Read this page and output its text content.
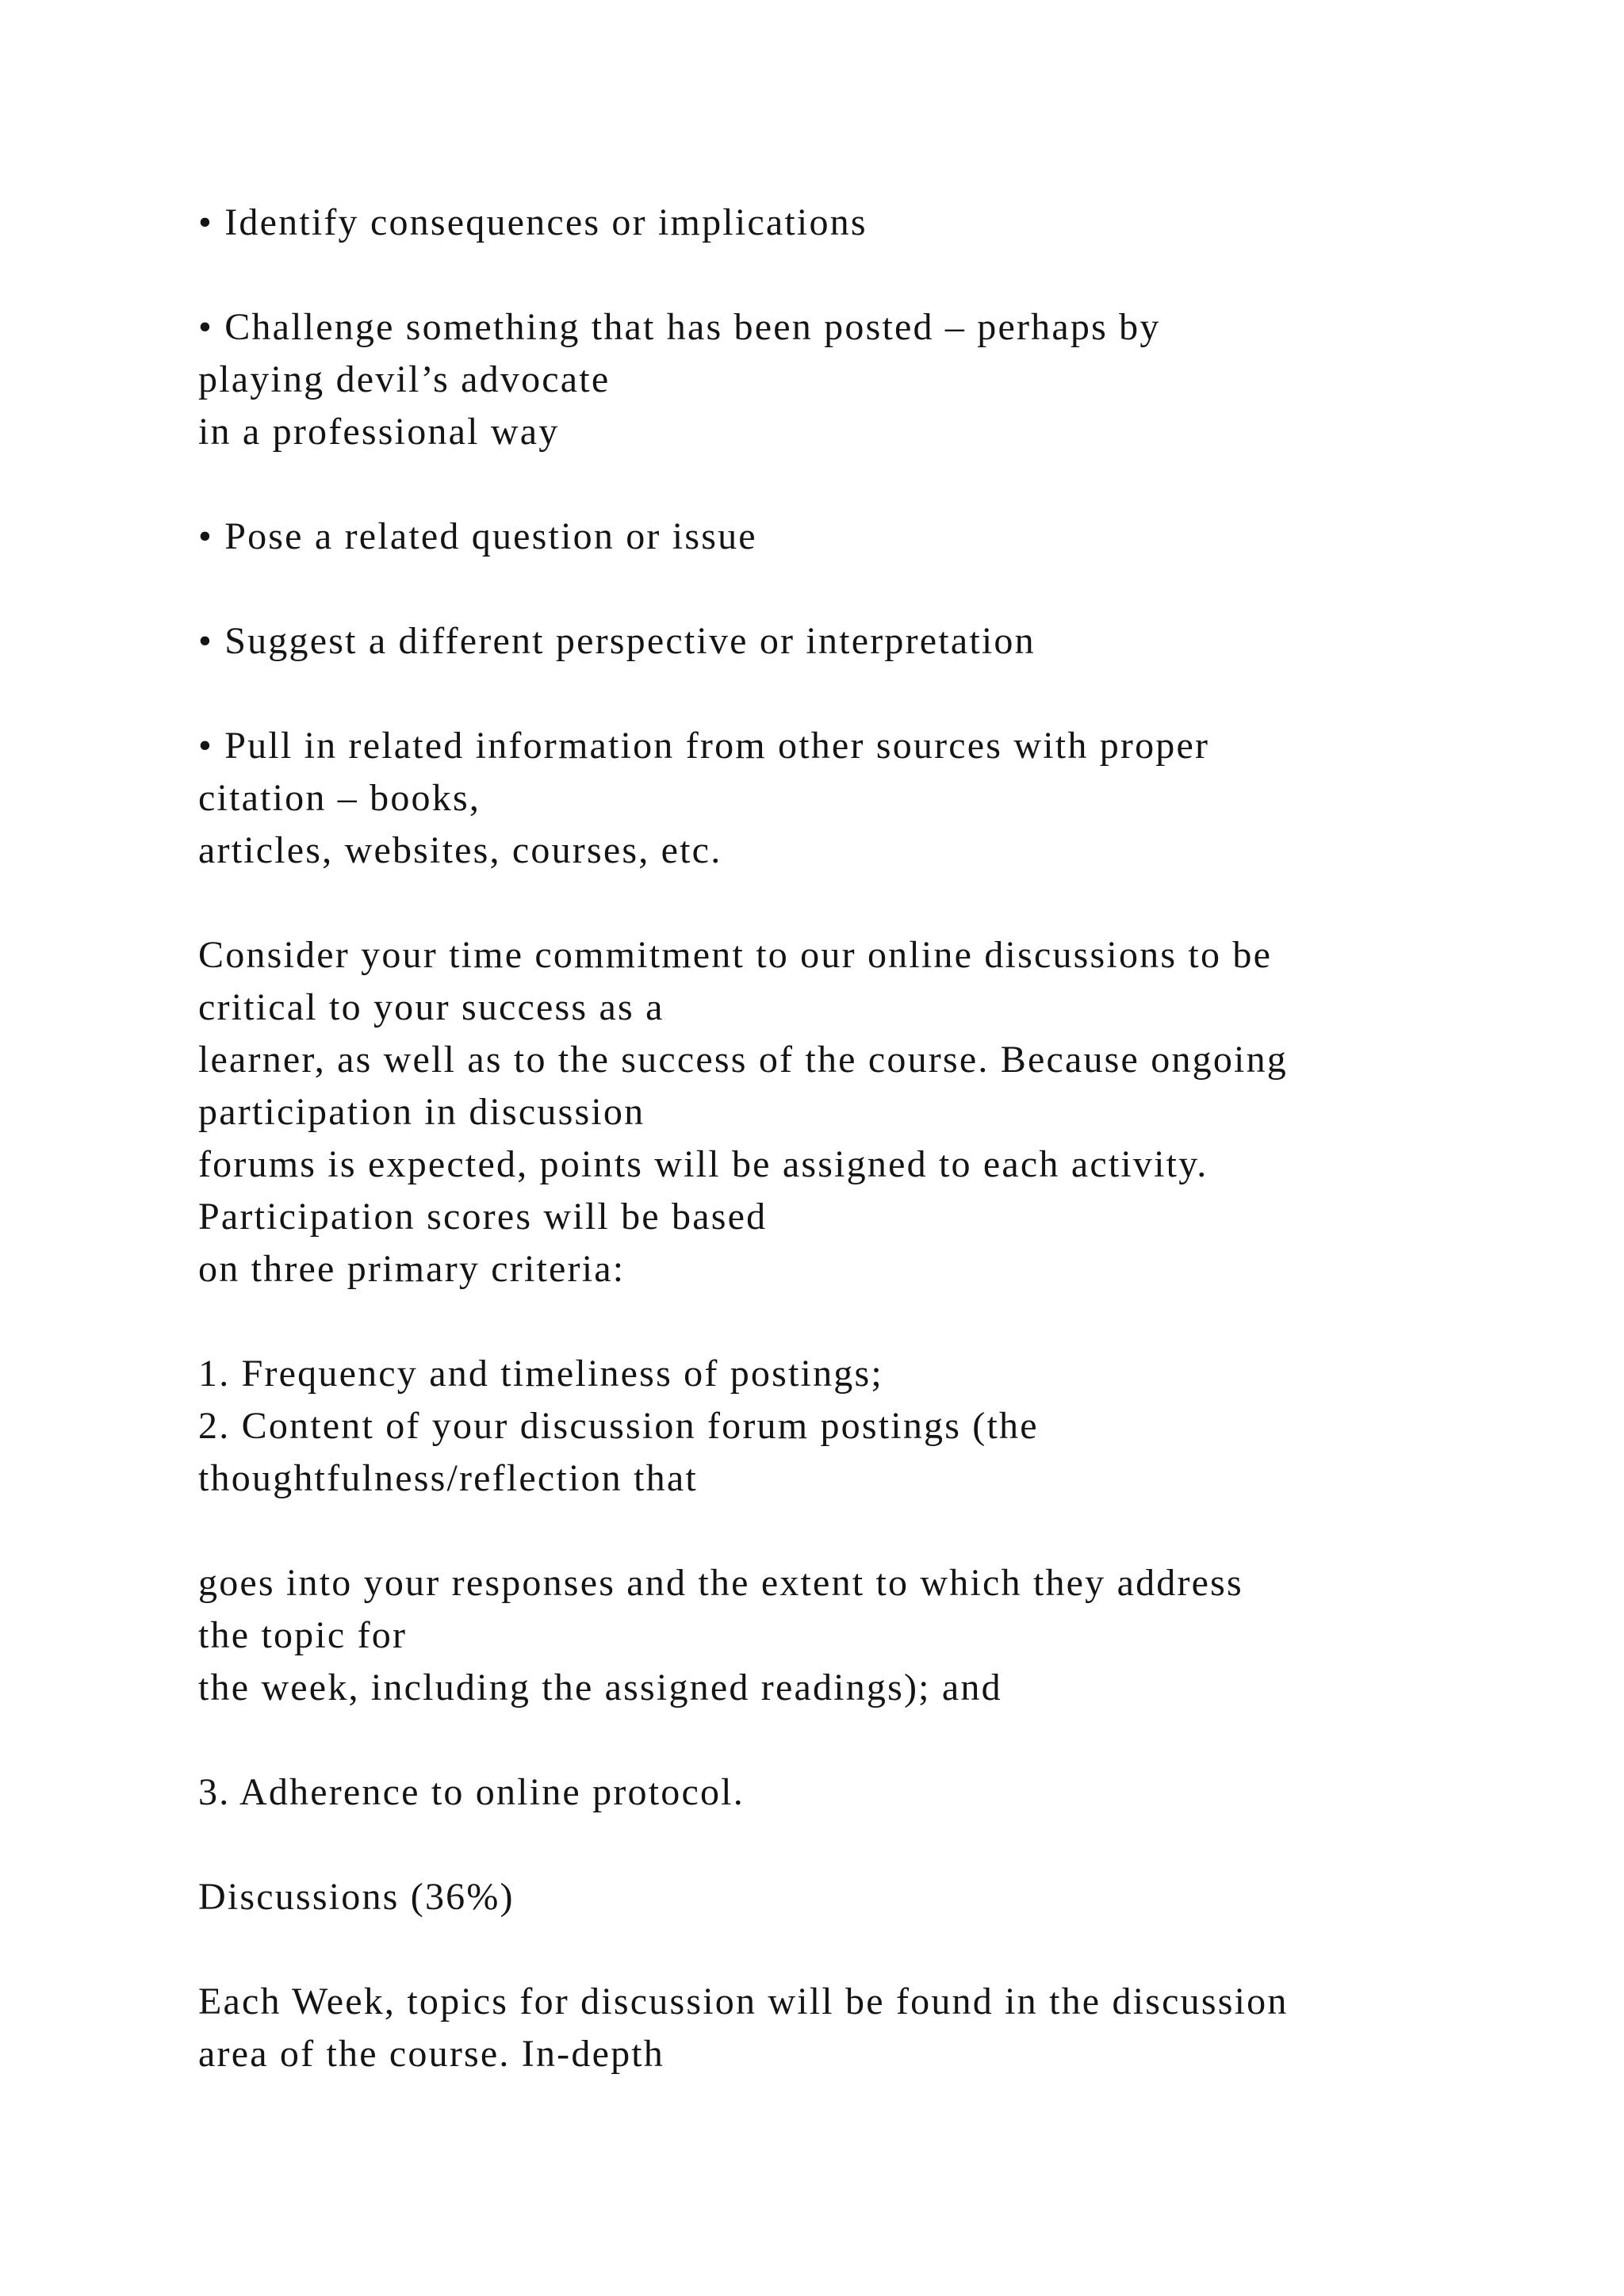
• Identify consequences or implications
• Challenge something that has been posted – perhaps by
playing devil’s advocate
in a professional way
• Pose a related question or issue
• Suggest a different perspective or interpretation
• Pull in related information from other sources with proper
citation – books,
articles, websites, courses, etc.
Consider your time commitment to our online discussions to be
critical to your success as a
learner, as well as to the success of the course. Because ongoing
participation in discussion
forums is expected, points will be assigned to each activity.
Participation scores will be based
on three primary criteria:
1. Frequency and timeliness of postings;
2. Content of your discussion forum postings (the
thoughtfulness/reflection that
goes into your responses and the extent to which they address
the topic for
the week, including the assigned readings); and
3. Adherence to online protocol.
Discussions (36%)
Each Week, topics for discussion will be found in the discussion
area of the course. In-depth
